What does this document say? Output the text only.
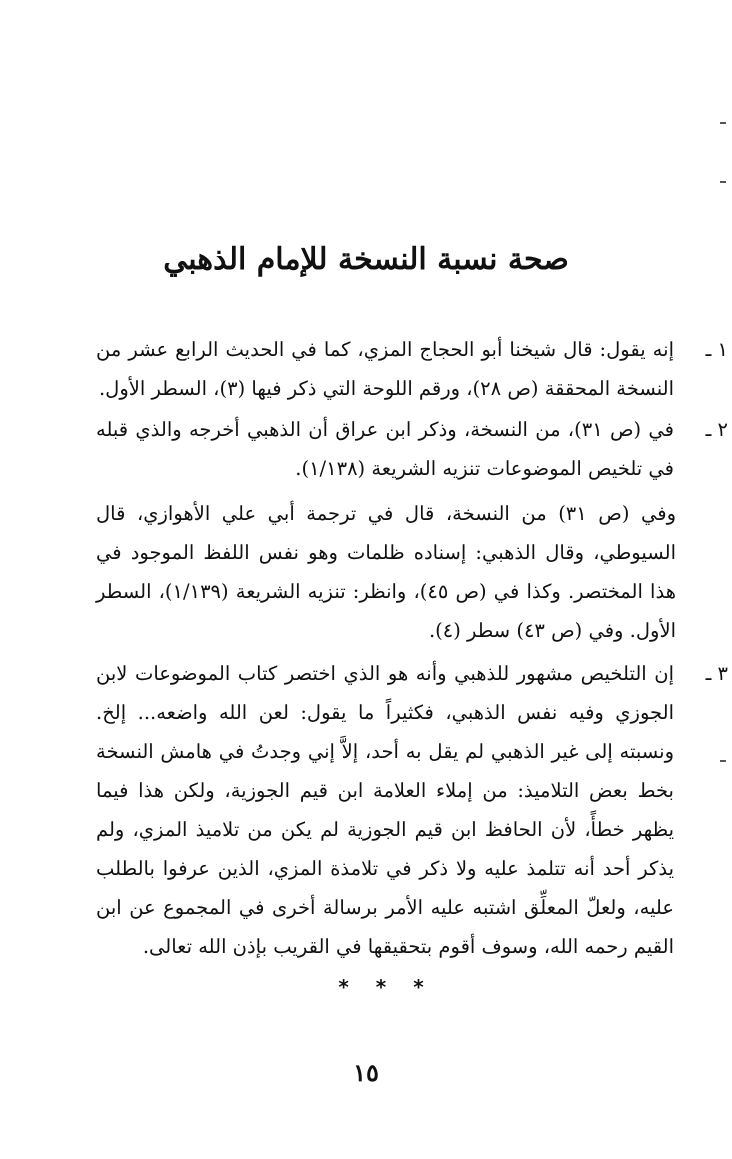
صحة نسبة النسخة للإمام الذهبي
١ ـ
إنه يقول: قال شيخنا أبو الحجاج المزي، كما في الحديث الرابع عشر من النسخة المحققة (ص ٢٨)، ورقم اللوحة التي ذكر فيها (٣)، السطر الأول.
٢ ـ
في (ص ٣١)، من النسخة، وذكر ابن عراق أن الذهبي أخرجه والذي قبله في تلخيص الموضوعات تنزيه الشريعة (١/١٣٨).
وفي (ص ٣١) من النسخة، قال في ترجمة أبي علي الأهوازي، قال السيوطي، وقال الذهبي: إسناده ظلمات وهو نفس اللفظ الموجود في هذا المختصر. وكذا في (ص ٤٥)، وانظر: تنزيه الشريعة (١/١٣٩)، السطر الأول. وفي (ص ٤٣) سطر (٤).
٣ ـ
إن التلخيص مشهور للذهبي وأنه هو الذي اختصر كتاب الموضوعات لابن الجوزي وفيه نفس الذهبي، فكثيراً ما يقول: لعن الله واضعه... إلخ. ونسبته إلى غير الذهبي لم يقل به أحد، إلاَّ إني وجدتُ في هامش النسخة بخط بعض التلاميذ: من إملاء العلامة ابن قيم الجوزية، ولكن هذا فيما يظهر خطأً، لأن الحافظ ابن قيم الجوزية لم يكن من تلاميذ المزي، ولم يذكر أحد أنه تتلمذ عليه ولا ذكر في تلامذة المزي، الذين عرفوا بالطلب عليه، ولعلّ المعلِّق اشتبه عليه الأمر برسالة أخرى في المجموع عن ابن القيم رحمه الله، وسوف أقوم بتحقيقها في القريب بإذن الله تعالى.
* * *
١٥
